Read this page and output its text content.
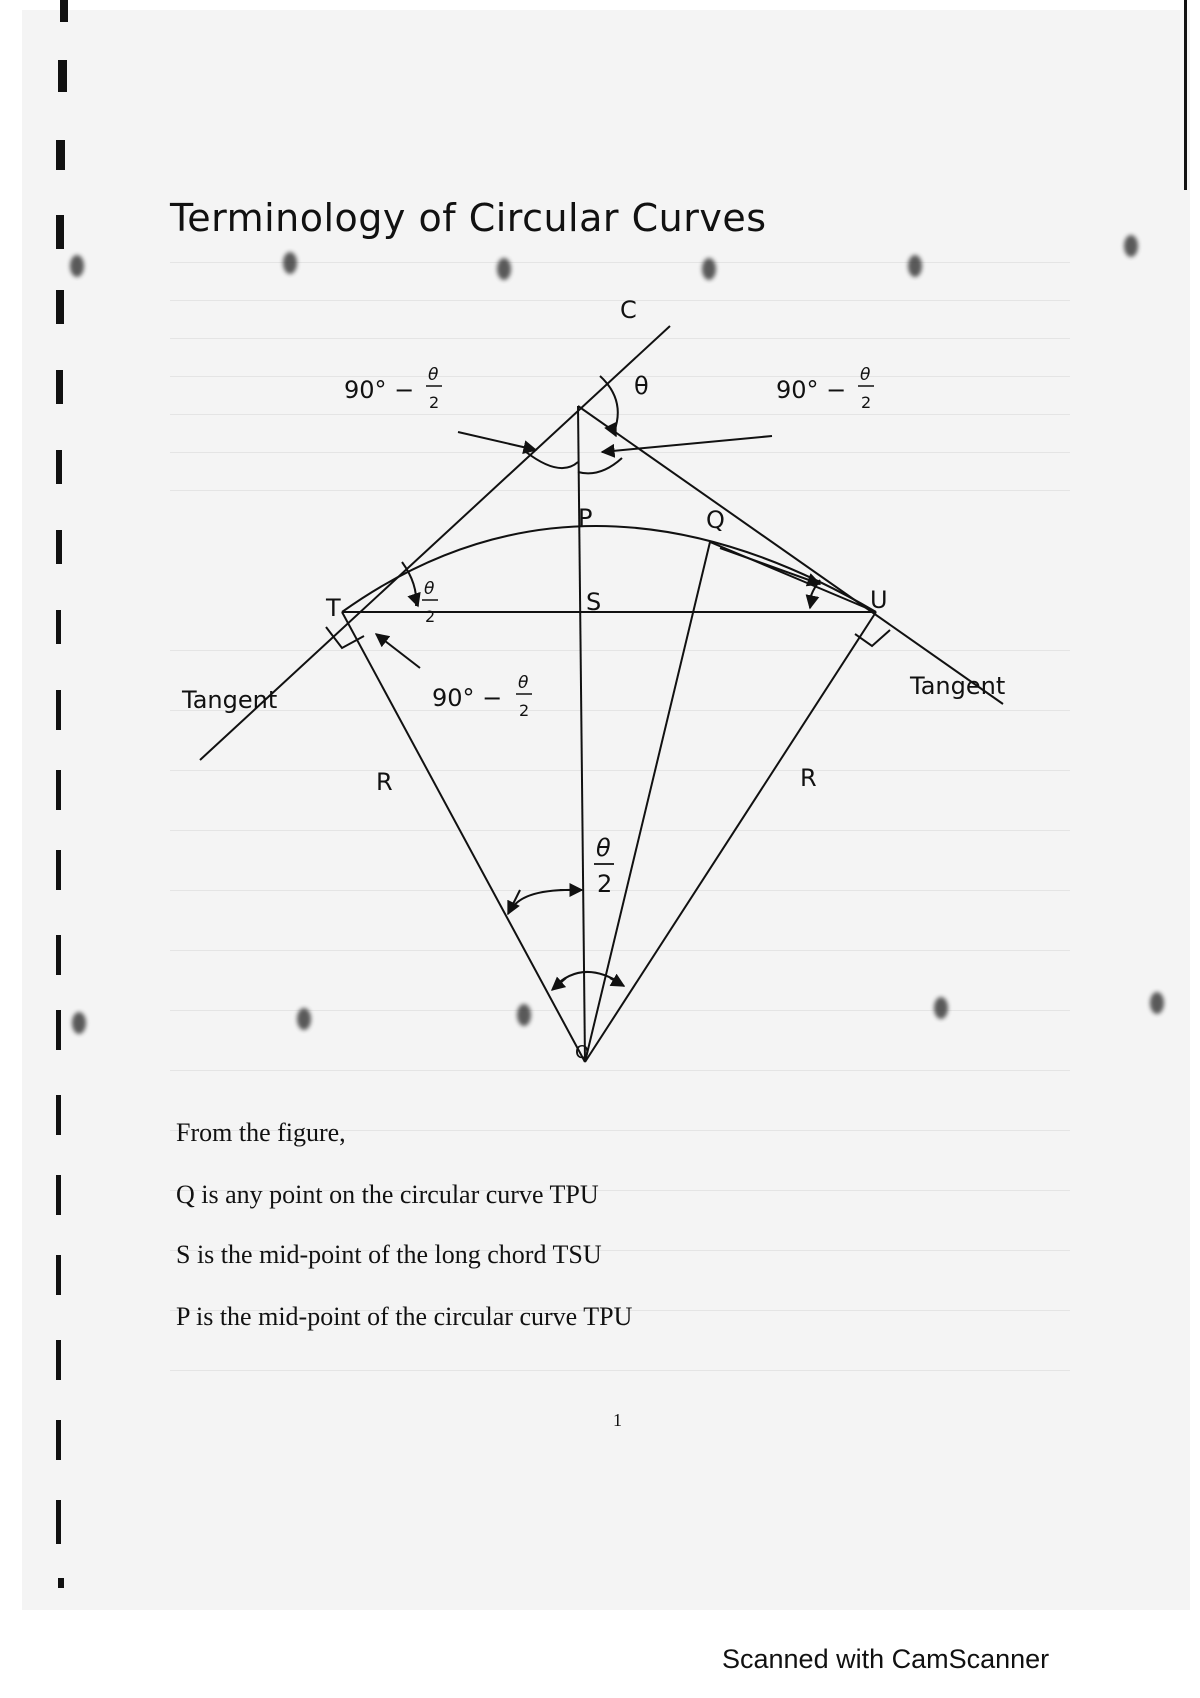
Terminology of Circular Curves
C
T	U
P	Q
S
O
θ
90° −
θ
2	90° −
θ
2
θ
2
90° −
θ
2
θ
2
R	R
Tangent	Tangent

From the figure,

Q is any point on the circular curve TPU

S is the mid-point of the long chord TSU

P is the mid-point of the circular curve TPU

1
Scanned with CamScanner
